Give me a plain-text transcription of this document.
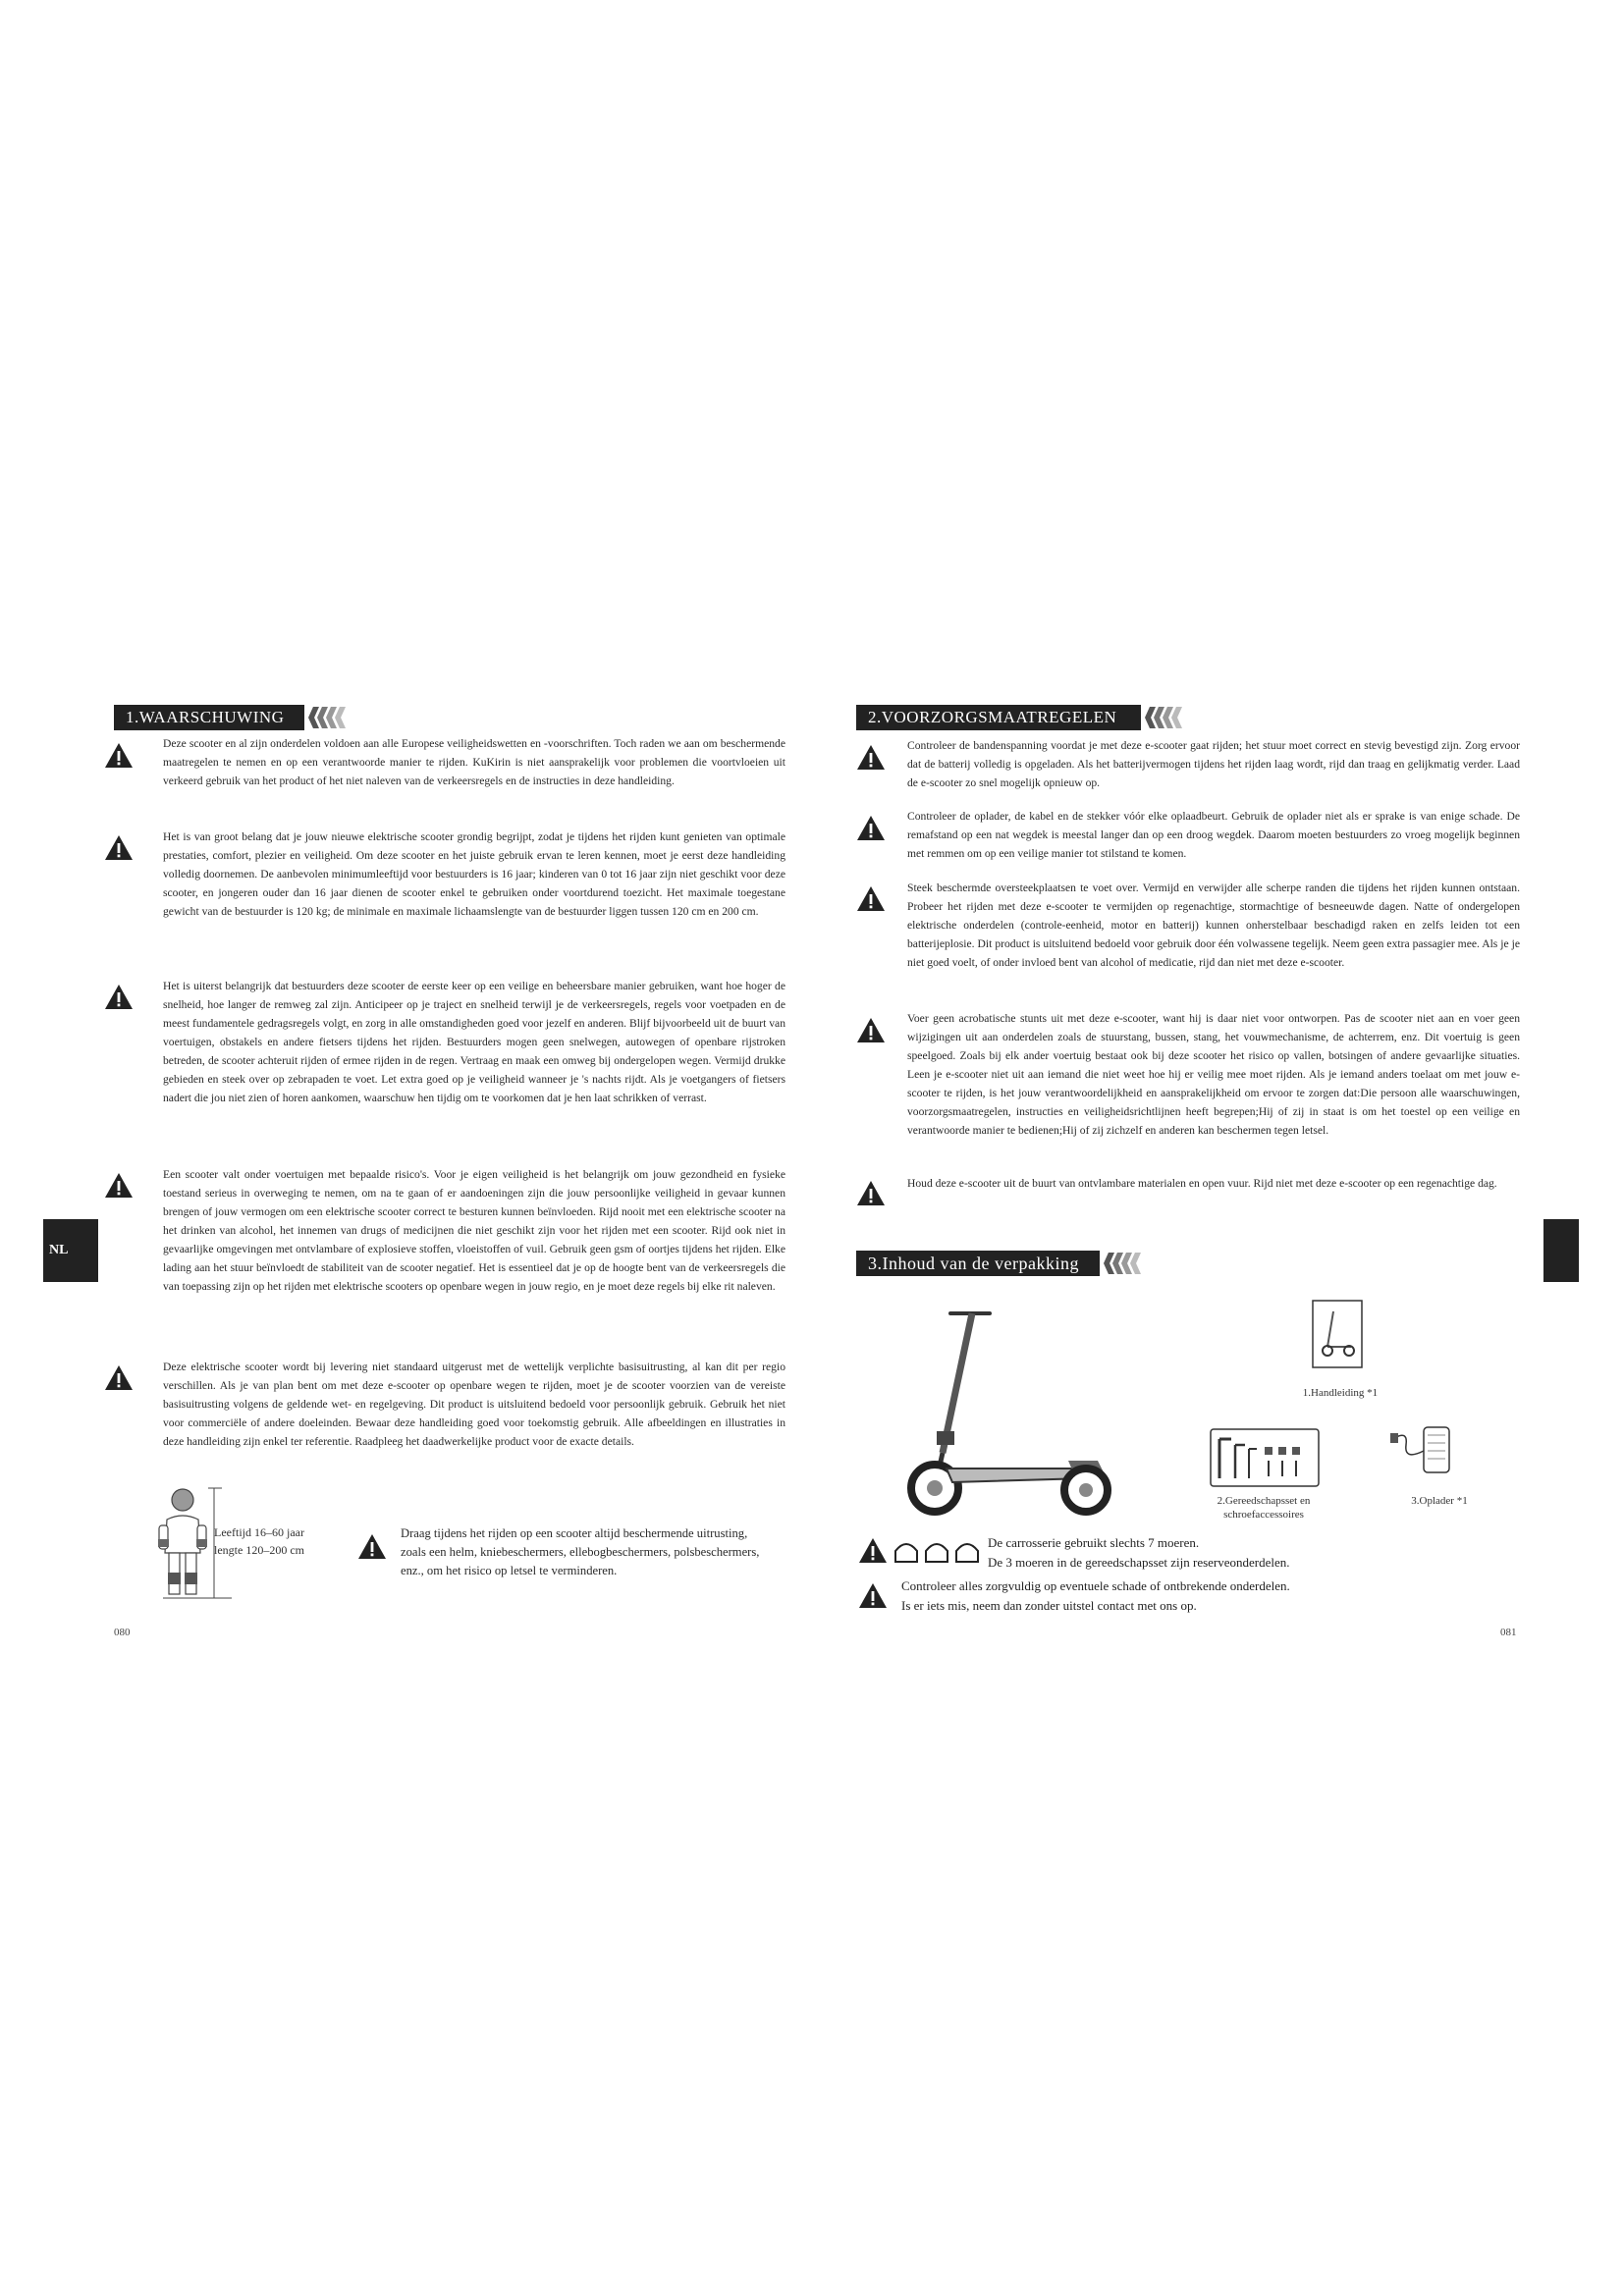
1.WAARSCHUWING
Deze scooter en al zijn onderdelen voldoen aan alle Europese veiligheidswetten en -voorschriften. Toch raden we aan om beschermende maatregelen te nemen en op een verantwoorde manier te rijden. KuKirin is niet aansprakelijk voor problemen die voortvloeien uit verkeerd gebruik van het product of het niet naleven van de verkeersregels en de instructies in deze handleiding.
Het is van groot belang dat je jouw nieuwe elektrische scooter grondig begrijpt, zodat je tijdens het rijden kunt genieten van optimale prestaties, comfort, plezier en veiligheid. Om deze scooter en het juiste gebruik ervan te leren kennen, moet je eerst deze handleiding volledig doornemen. De aanbevolen minimumleeftijd voor bestuurders is 16 jaar; kinderen van 0 tot 16 jaar zijn niet geschikt voor deze scooter, en jongeren ouder dan 16 jaar dienen de scooter enkel te gebruiken onder voortdurend toezicht. Het maximale toegestane gewicht van de bestuurder is 120 kg; de minimale en maximale lichaamslengte van de bestuurder liggen tussen 120 cm en 200 cm.
Het is uiterst belangrijk dat bestuurders deze scooter de eerste keer op een veilige en beheersbare manier gebruiken, want hoe hoger de snelheid, hoe langer de remweg zal zijn. Anticipeer op je traject en snelheid terwijl je de verkeersregels, regels voor voetpaden en de meest fundamentele gedragsregels volgt, en zorg in alle omstandigheden goed voor jezelf en anderen. Blijf bijvoorbeeld uit de buurt van voertuigen, obstakels en andere fietsers tijdens het rijden. Bestuurders mogen geen snelwegen, autowegen of openbare rijstroken betreden, de scooter achteruit rijden of ermee rijden in de regen. Vertraag en maak een omweg bij ondergelopen wegen. Vermijd drukke gebieden en steek over op zebrapaden te voet. Let extra goed op je veiligheid wanneer je 's nachts rijdt. Als je voetgangers of fietsers nadert die jou niet zien of horen aankomen, waarschuw hen tijdig om te voorkomen dat je hen laat schrikken of verrast.
Een scooter valt onder voertuigen met bepaalde risico's. Voor je eigen veiligheid is het belangrijk om jouw gezondheid en fysieke toestand serieus in overweging te nemen, om na te gaan of er aandoeningen zijn die jouw persoonlijke veiligheid in gevaar kunnen brengen of jouw vermogen om een elektrische scooter correct te besturen kunnen beïnvloeden. Rijd nooit met een elektrische scooter na het drinken van alcohol, het innemen van drugs of medicijnen die niet geschikt zijn voor het rijden met een scooter. Rijd ook niet in gevaarlijke omgevingen met ontvlambare of explosieve stoffen, vloeistoffen of vuil. Gebruik geen gsm of oortjes tijdens het rijden. Elke lading aan het stuur beïnvloedt de stabiliteit van de scooter negatief. Het is essentieel dat je op de hoogte bent van de verkeersregels die van toepassing zijn op het rijden met elektrische scooters op openbare wegen in jouw regio, en je moet deze regels bij elke rit naleven.
Deze elektrische scooter wordt bij levering niet standaard uitgerust met de wettelijk verplichte basisuitrusting, al kan dit per regio verschillen. Als je van plan bent om met deze e-scooter op openbare wegen te rijden, moet je de scooter voorzien van de vereiste basisuitrusting volgens de geldende wet- en regelgeving. Dit product is uitsluitend bedoeld voor persoonlijk gebruik. Gebruik het niet voor commerciële of andere doeleinden. Bewaar deze handleiding goed voor toekomstig gebruik. Alle afbeeldingen en illustraties in deze handleiding zijn enkel ter referentie. Raadpleeg het daadwerkelijke product voor de exacte details.
NL
Leeftijd 16–60 jaar
lengte 120–200 cm
Draag tijdens het rijden op een scooter altijd beschermende uitrusting, zoals een helm, kniebeschermers, ellebogbeschermers, polsbeschermers, enz., om het risico op letsel te verminderen.
080
2.VOORZORGSMAATREGELEN
Controleer de bandenspanning voordat je met deze e-scooter gaat rijden; het stuur moet correct en stevig bevestigd zijn. Zorg ervoor dat de batterij volledig is opgeladen. Als het batterijvermogen tijdens het rijden laag wordt, rijd dan traag en gelijkmatig verder. Laad de e-scooter zo snel mogelijk opnieuw op.
Controleer de oplader, de kabel en de stekker vóór elke oplaadbeurt. Gebruik de oplader niet als er sprake is van enige schade. De remafstand op een nat wegdek is meestal langer dan op een droog wegdek. Daarom moeten bestuurders zo vroeg mogelijk beginnen met remmen om op een veilige manier tot stilstand te komen.
Steek beschermde oversteekplaatsen te voet over. Vermijd en verwijder alle scherpe randen die tijdens het rijden kunnen ontstaan. Probeer het rijden met deze e-scooter te vermijden op regenachtige, stormachtige of besneeuwde dagen. Natte of ondergelopen elektrische onderdelen (controle-eenheid, motor en batterij) kunnen onherstelbaar beschadigd raken en zelfs leiden tot een batterijeplosie. Dit product is uitsluitend bedoeld voor gebruik door één volwassene tegelijk. Neem geen extra passagier mee. Als je je niet goed voelt, of onder invloed bent van alcohol of medicatie, rijd dan niet met deze e-scooter.
Voer geen acrobatische stunts uit met deze e-scooter, want hij is daar niet voor ontworpen. Pas de scooter niet aan en voer geen wijzigingen uit aan onderdelen zoals de stuurstang, bussen, stang, het vouwmechanisme, de achterrem, enz. Dit voertuig is geen speelgoed. Zoals bij elk ander voertuig bestaat ook bij deze scooter het risico op vallen, botsingen of andere gevaarlijke situaties. Leen je e-scooter niet uit aan iemand die niet weet hoe hij er veilig mee moet rijden. Als je iemand anders toelaat om met jouw e-scooter te rijden, is het jouw verantwoordelijkheid en aansprakelijkheid om ervoor te zorgen dat:Die persoon alle waarschuwingen, voorzorgsmaatregelen, instructies en veiligheidsrichtlijnen heeft begrepen;Hij of zij in staat is om het toestel op een veilige en verantwoorde manier te bedienen;Hij of zij zichzelf en anderen kan beschermen tegen letsel.
Houd deze e-scooter uit de buurt van ontvlambare materialen en open vuur. Rijd niet met deze e-scooter op een regenachtige dag.
3.Inhoud van de verpakking
1.Handleiding *1
2.Gereedschapsset en schroefaccessoires
3.Oplader *1
De carrosserie gebruikt slechts 7 moeren.
De 3 moeren in de gereedschapsset zijn reserveonderdelen.
Controleer alles zorgvuldig op eventuele schade of ontbrekende onderdelen.
Is er iets mis, neem dan zonder uitstel contact met ons op.
081
